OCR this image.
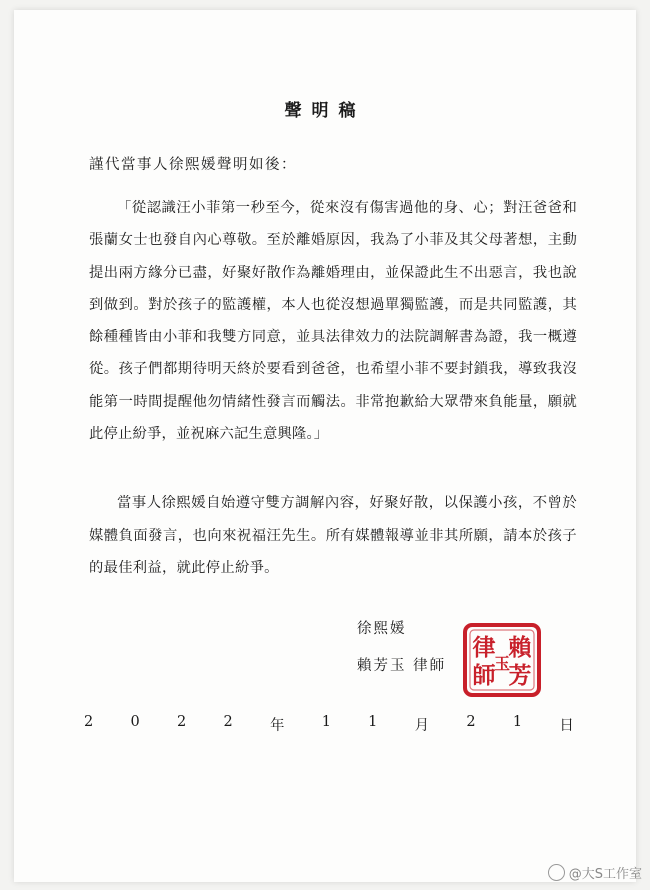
聲明稿
謹代當事人徐熙媛聲明如後：

「從認識汪小菲第一秒至今，從來沒有傷害過他的身、心；對汪爸爸和張蘭女士也發自內心尊敬。至於離婚原因，我為了小菲及其父母著想，主動提出兩方緣分已盡，好聚好散作為離婚理由，並保證此生不出惡言，我也說到做到。對於孩子的監護權，本人也從沒想過單獨監護，而是共同監護，其餘種種皆由小菲和我雙方同意，並具法律效力的法院調解書為證，我一概遵從。孩子們都期待明天終於要看到爸爸，也希望小菲不要封鎖我，導致我沒能第一時間提醒他勿情緒性發言而觸法。非常抱歉給大眾帶來負能量，願就此停止紛爭，並祝麻六記生意興隆。」

當事人徐熙媛自始遵守雙方調解內容，好聚好散，以保護小孩，不曾於媒體負面發言，也向來祝福汪先生。所有媒體報導並非其所願，請本於孩子的最佳利益，就此停止紛爭。

徐熙媛
賴芳玉 律師
賴
芳
玉
律
師
2	0	2	2	年	1	1	月	2	1	日
@大S工作室
